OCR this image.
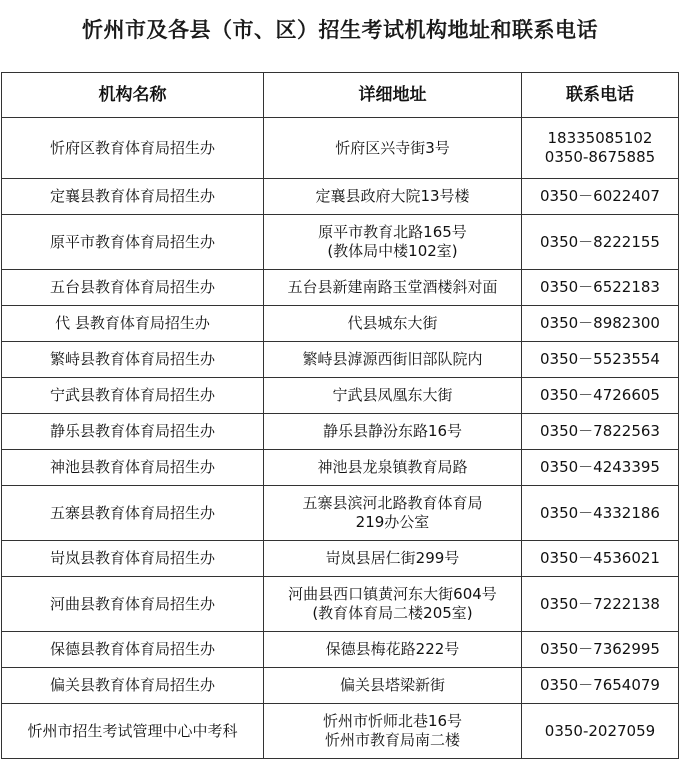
忻州市及各县（市、区）招生考试机构地址和联系电话
机构名称	详细地址	联系电话
忻府区教育体育局招生办	忻府区兴寺街3号	18335085102
0350-8675885

定襄县教育体育局招生办	定襄县政府大院13号楼	0350－6022407

原平市教育体育局招生办	原平市教育北路165号
(教体局中楼102室)	0350－8222155

五台县教育体育局招生办	五台县新建南路玉堂酒楼斜对面	0350－6522183

代 县教育体育局招生办	代县城东大街	0350－8982300

繁峙县教育体育局招生办	繁峙县滹源西街旧部队院内	0350－5523554

宁武县教育体育局招生办	宁武县凤凰东大街	0350－4726605

静乐县教育体育局招生办	静乐县静汾东路16号	0350－7822563

神池县教育体育局招生办	神池县龙泉镇教育局路	0350－4243395

五寨县教育体育局招生办	五寨县滨河北路教育体育局
219办公室	0350－4332186

岢岚县教育体育局招生办	岢岚县居仁街299号	0350－4536021

河曲县教育体育局招生办	河曲县西口镇黄河东大街604号
(教育体育局二楼205室)	0350－7222138

保德县教育体育局招生办	保德县梅花路222号	0350－7362995

偏关县教育体育局招生办	偏关县塔梁新街	0350－7654079

忻州市招生考试管理中心中考科	忻州市忻师北巷16号
忻州市教育局南二楼	0350-2027059
